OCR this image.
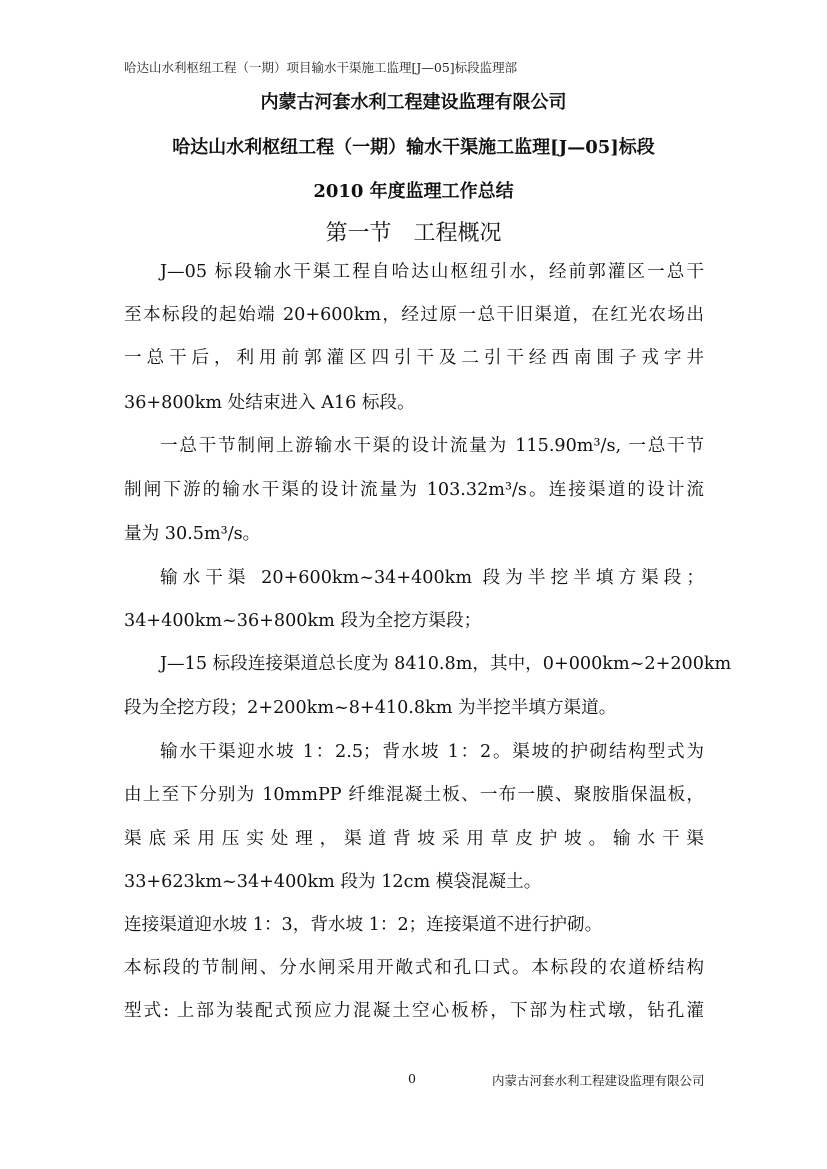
哈达山水利枢纽工程（一期）项目输水干渠施工监理[J—05]标段监理部
内蒙古河套水利工程建设监理有限公司
哈达山水利枢纽工程（一期）输水干渠施工监理[J—05]标段
2010 年度监理工作总结
第一节　工程概况
J—05 标段输水干渠工程自哈达山枢纽引水，经前郭灌区一总干
至本标段的起始端 20+600km，经过原一总干旧渠道，在红光农场出
一总干后，利用前郭灌区四引干及二引干经西南围子戎字井
36+800km 处结束进入 A16 标段。
一总干节制闸上游输水干渠的设计流量为 115.90m³/s, 一总干节
制闸下游的输水干渠的设计流量为 103.32m³/s。连接渠道的设计流
量为 30.5m³/s。
输水干渠 20+600km~34+400km 段为半挖半填方渠段；
34+400km~36+800km 段为全挖方渠段；
J—15 标段连接渠道总长度为 8410.8m，其中，0+000km~2+200km
段为全挖方段；2+200km~8+410.8km 为半挖半填方渠道。
输水干渠迎水坡 1：2.5；背水坡 1：2。渠坡的护砌结构型式为
由上至下分别为 10mmPP 纤维混凝土板、一布一膜、聚胺脂保温板，
渠底采用压实处理，渠道背坡采用草皮护坡。输水干渠
33+623km~34+400km 段为 12cm 模袋混凝土。
连接渠道迎水坡 1：3，背水坡 1：2；连接渠道不进行护砌。
本标段的节制闸、分水闸采用开敞式和孔口式。本标段的农道桥结构
型式: 上部为装配式预应力混凝土空心板桥，下部为柱式墩，钻孔灌
0	内蒙古河套水利工程建设监理有限公司
